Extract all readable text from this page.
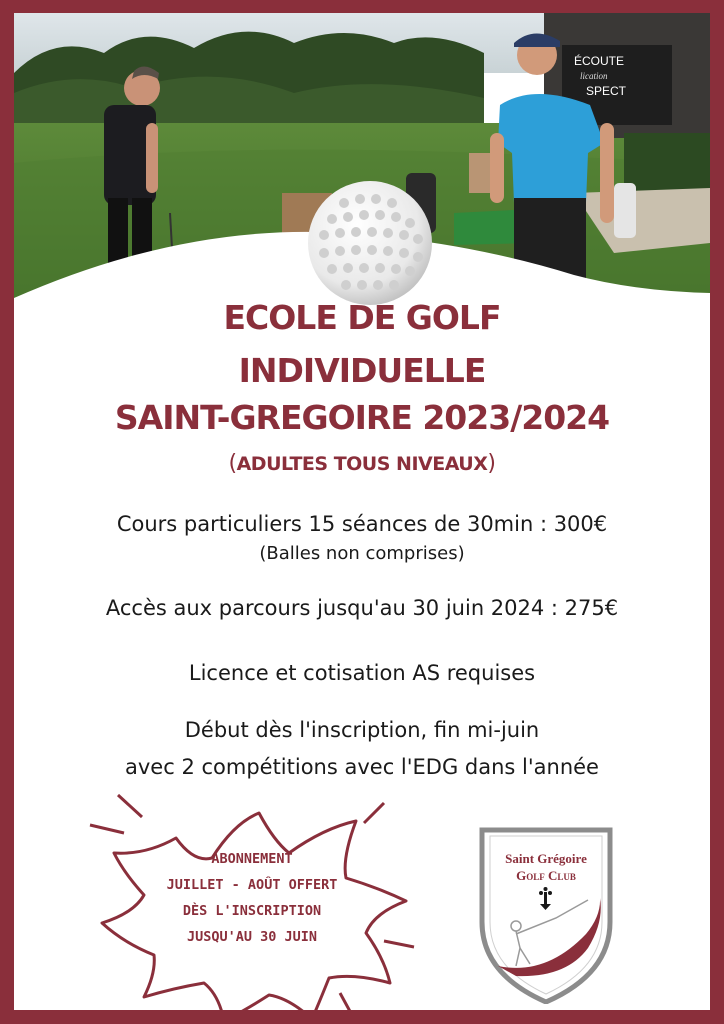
ÉCOUTE
lication
SPECT
ECOLE DE GOLF
INDIVIDUELLE
SAINT-GREGOIRE 2023/2024
(ADULTES TOUS NIVEAUX)
Cours particuliers 15 séances de 30min : 300€
(Balles non comprises)
Accès aux parcours jusqu'au 30 juin 2024 : 275€
Licence et cotisation AS requises
Début dès l'inscription, fin mi-juin
avec 2 compétitions avec l'EDG dans l'année
ABONNEMENT
JUILLET - AOÛT OFFERT
DÈS L'INSCRIPTION
JUSQU'AU 30 JUIN
Saint Grégoire
Golf Club
